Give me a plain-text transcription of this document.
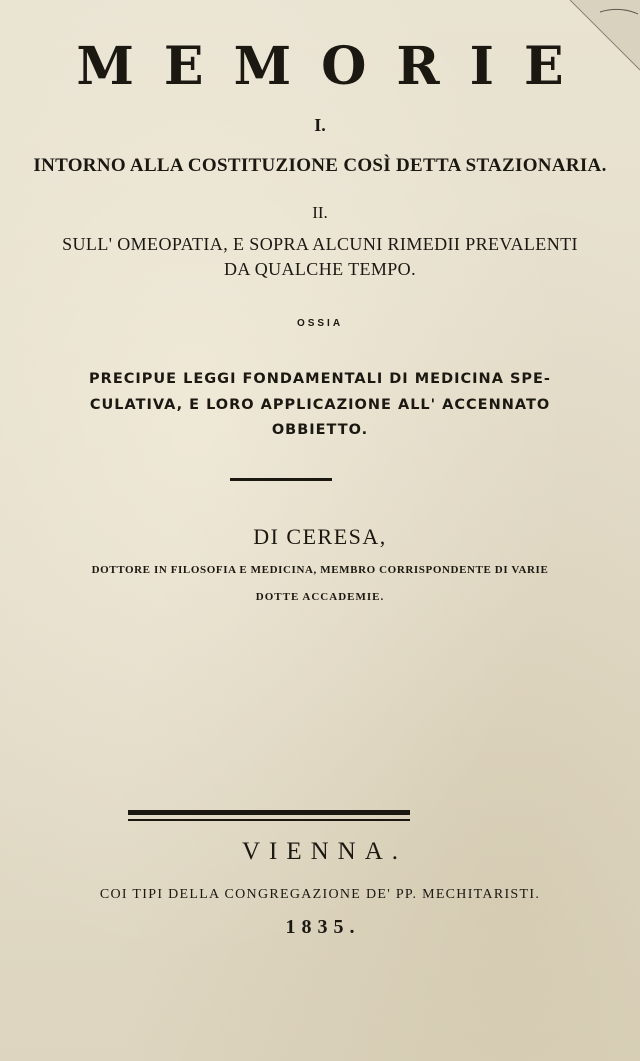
MEMORIE
I.
INTORNO ALLA COSTITUZIONE COSÌ DETTA STAZIONARIA.
II.
SULL' OMEOPATIA, E SOPRA ALCUNI RIMEDII PREVALENTI
DA QUALCHE TEMPO.
OSSIA
PRECIPUE LEGGI FONDAMENTALI DI MEDICINA SPE-
CULATIVA, E LORO APPLICAZIONE ALL' ACCENNATO
OBBIETTO.
DI CERESA,
DOTTORE IN FILOSOFIA E MEDICINA, MEMBRO CORRISPONDENTE DI VARIE
DOTTE ACCADEMIE.
VIENNA.
COI TIPI DELLA CONGREGAZIONE DE' PP. MECHITARISTI.
1835.
